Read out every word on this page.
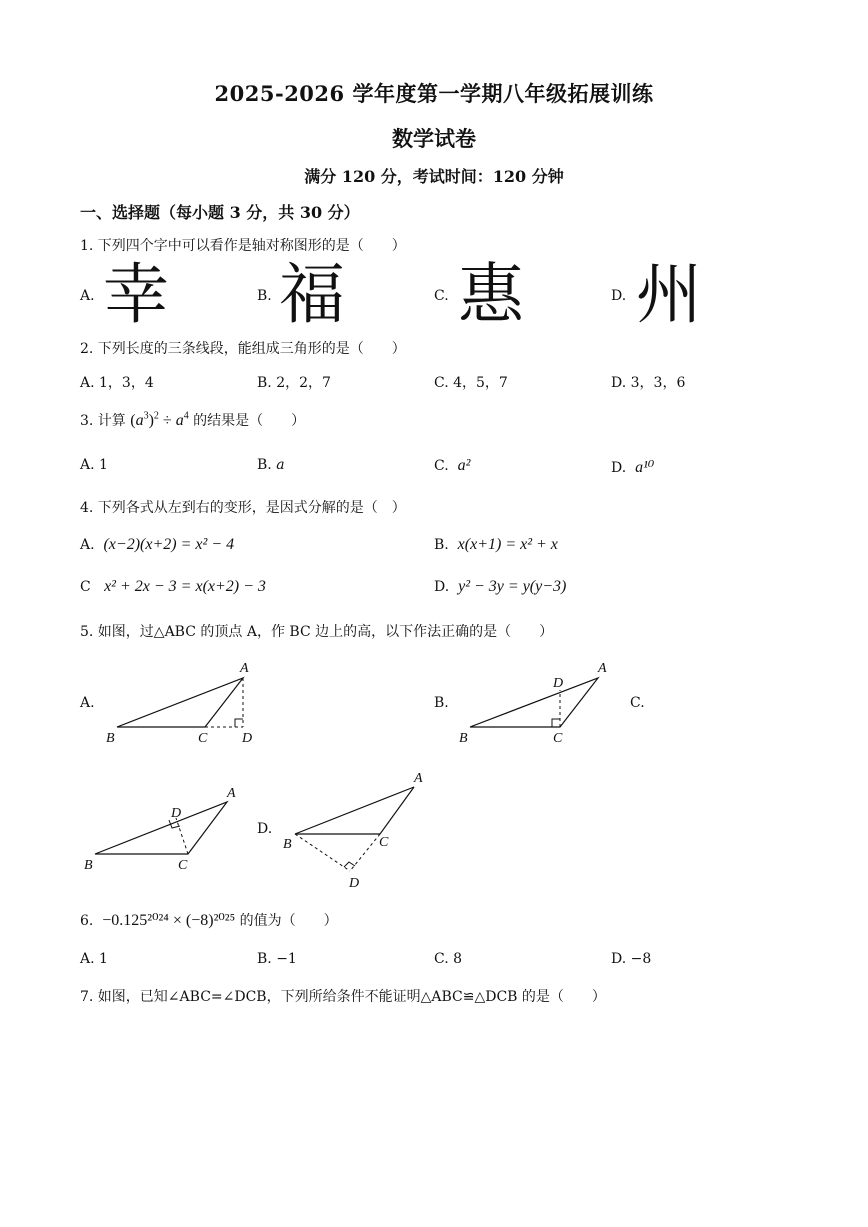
2025-2026 学年度第一学期八年级拓展训练
数学试卷
满分 120 分，考试时间：120 分钟
一、选择题（每小题 3 分，共 30 分）
1. 下列四个字中可以看作是轴对称图形的是（　　）
A. 幸	B. 福	C. 惠	D. 州
2. 下列长度的三条线段，能组成三角形的是（　　）
A. 1，3，4	B. 2，2，7	C. 4，5，7	D. 3，3，6
3. 计算 $(a^3)^2 \div a^4$ 的结果是（　　）
A. 1	B. a	C. a²	D. a¹⁰
4. 下列各式从左到右的变形，是因式分解的是（　）
A. (x−2)(x+2) = x² − 4	B. x(x+1) = x² + x
C x² + 2x − 3 = x(x+2) − 3	D. y² − 3y = y(y−3)
5. 如图，过△ABC 的顶点 A，作 BC 边上的高，以下作法正确的是（　　）
A.
A
B	C D
B.
A
D
B	C
C.
A
D
B	C
D.
A
B	C
D
6. −0.125²⁰²⁴ × (−8)²⁰²⁵ 的值为（　　）
A. 1	B. −1	C. 8	D. −8
7. 如图，已知∠ABC=∠DCB，下列所给条件不能证明△ABC≌△DCB 的是（　　）
